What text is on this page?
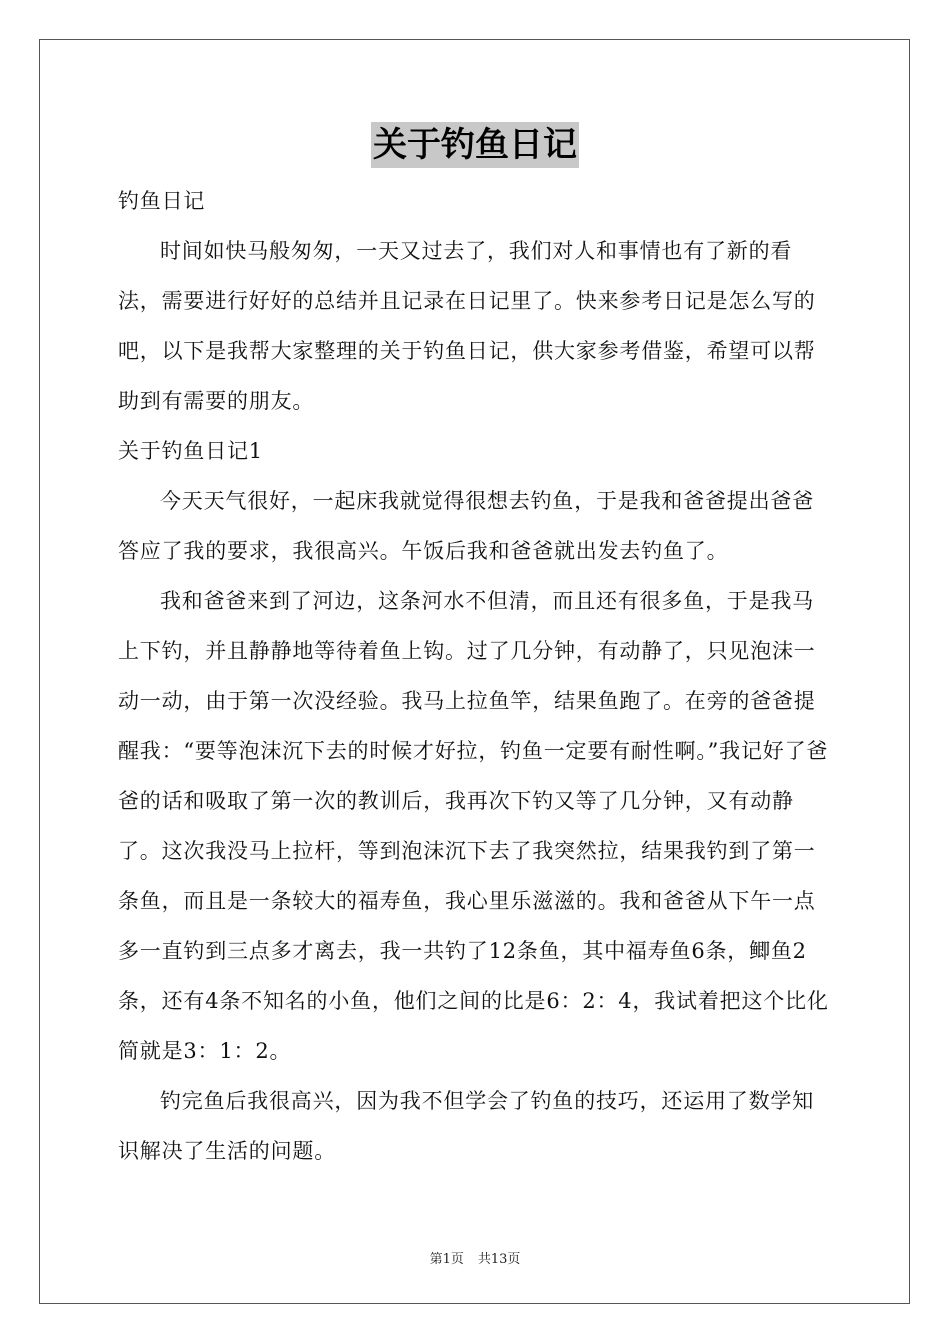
关于钓鱼日记

钓鱼日记

时间如快马般匆匆，一天又过去了，我们对人和事情也有了新的看法，需要进行好好的总结并且记录在日记里了。快来参考日记是怎么写的吧，以下是我帮大家整理的关于钓鱼日记，供大家参考借鉴，希望可以帮助到有需要的朋友。

关于钓鱼日记1

今天天气很好，一起床我就觉得很想去钓鱼，于是我和爸爸提出爸爸答应了我的要求，我很高兴。午饭后我和爸爸就出发去钓鱼了。

我和爸爸来到了河边，这条河水不但清，而且还有很多鱼，于是我马上下钓，并且静静地等待着鱼上钩。过了几分钟，有动静了，只见泡沫一动一动，由于第一次没经验。我马上拉鱼竿，结果鱼跑了。在旁的爸爸提醒我：“要等泡沫沉下去的时候才好拉，钓鱼一定要有耐性啊。”我记好了爸爸的话和吸取了第一次的教训后，我再次下钓又等了几分钟，又有动静了。这次我没马上拉杆，等到泡沫沉下去了我突然拉，结果我钓到了第一条鱼，而且是一条较大的福寿鱼，我心里乐滋滋的。我和爸爸从下午一点多一直钓到三点多才离去，我一共钓了12条鱼，其中福寿鱼6条，鲫鱼2条，还有4条不知名的小鱼，他们之间的比是6：2：4，我试着把这个比化简就是3：1：2。

钓完鱼后我很高兴，因为我不但学会了钓鱼的技巧，还运用了数学知识解决了生活的问题。

第1页 共13页
